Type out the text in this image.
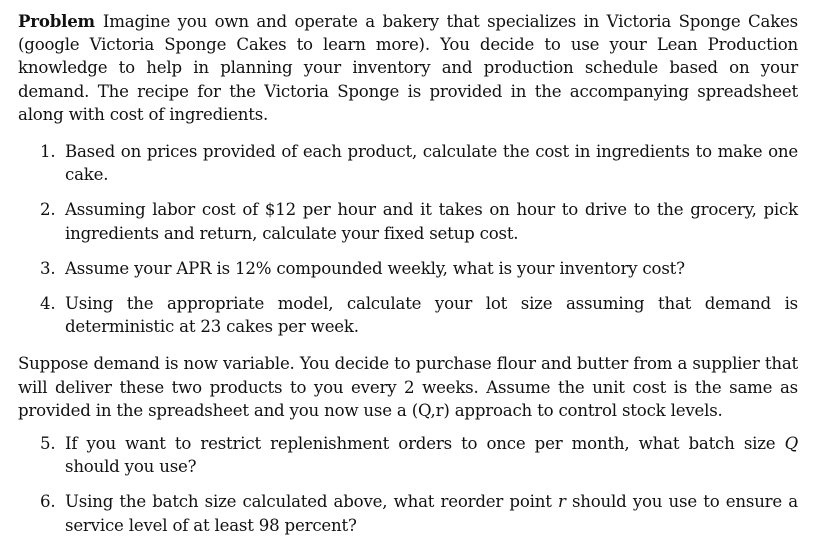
Problem Imagine you own and operate a bakery that specializes in Victoria Sponge Cakes (google Victoria Sponge Cakes to learn more). You decide to use your Lean Production knowledge to help in planning your inventory and production schedule based on your demand. The recipe for the Victoria Sponge is provided in the accompanying spreadsheet along with cost of ingredients.

1. Based on prices provided of each product, calculate the cost in ingredients to make one cake.
2. Assuming labor cost of $12 per hour and it takes on hour to drive to the grocery, pick ingredients and return, calculate your fixed setup cost.
3. Assume your APR is 12% compounded weekly, what is your inventory cost?
4. Using the appropriate model, calculate your lot size assuming that demand is deterministic at 23 cakes per week.

Suppose demand is now variable. You decide to purchase flour and butter from a supplier that will deliver these two products to you every 2 weeks. Assume the unit cost is the same as provided in the spreadsheet and you now use a (Q,r) approach to control stock levels.

5. If you want to restrict replenishment orders to once per month, what batch size Q should you use?
6. Using the batch size calculated above, what reorder point r should you use to ensure a service level of at least 98 percent?
